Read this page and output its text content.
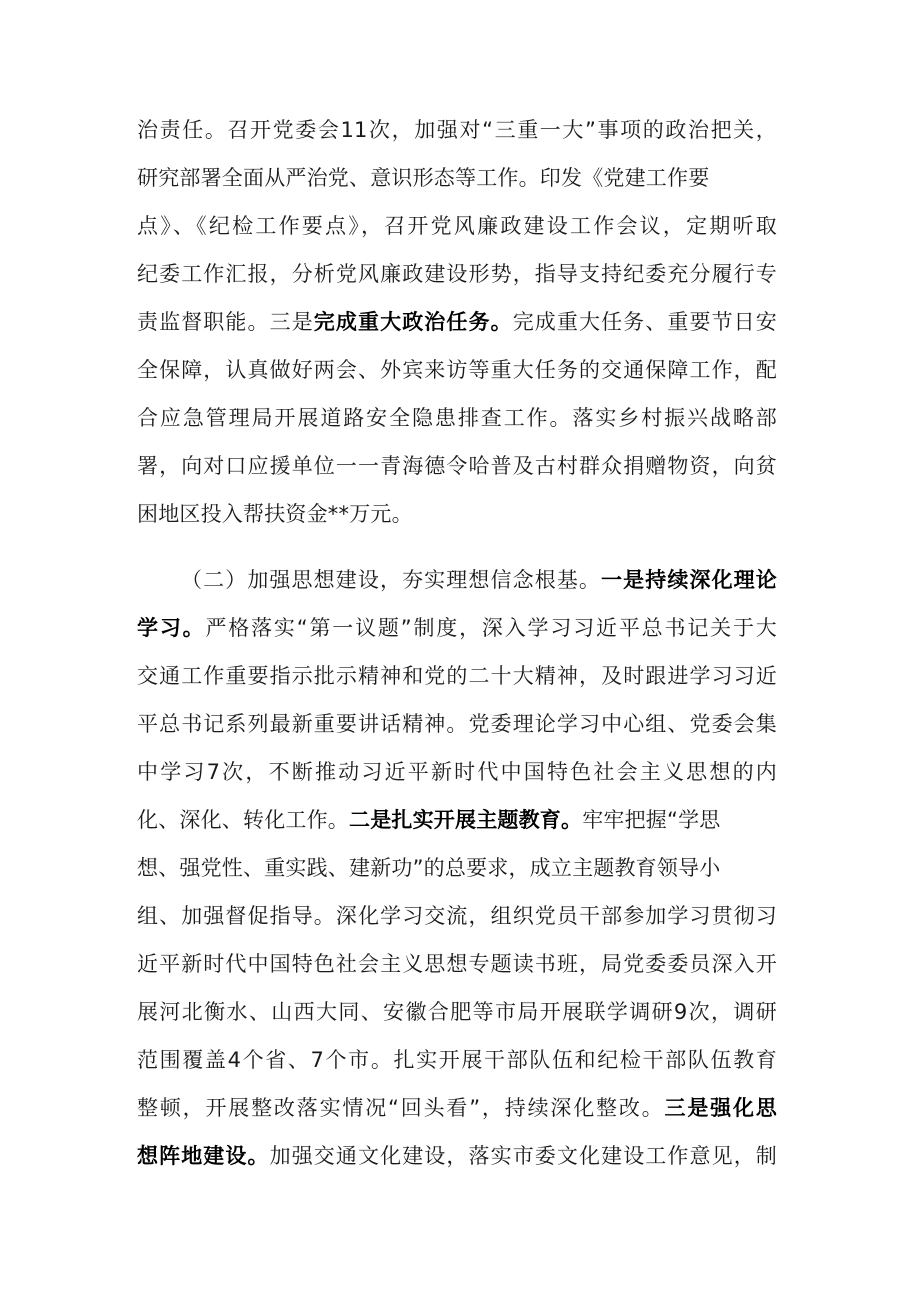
治责任。召开党委会11次，加强对“三重一大”事项的政治把关，
研究部署全面从严治党、意识形态等工作。印发《党建工作要
点》、《纪检工作要点》，召开党风廉政建设工作会议，定期听取
纪委工作汇报，分析党风廉政建设形势，指导支持纪委充分履行专
责监督职能。三是完成重大政治任务。完成重大任务、重要节日安
全保障，认真做好两会、外宾来访等重大任务的交通保障工作，配
合应急管理局开展道路安全隐患排查工作。落实乡村振兴战略部
署，向对口应援单位一一青海德令哈普及古村群众捐赠物资，向贫
困地区投入帮扶资金**万元。
（二）加强思想建设，夯实理想信念根基。一是持续深化理论
学习。严格落实“第一议题”制度，深入学习习近平总书记关于大
交通工作重要指示批示精神和党的二十大精神，及时跟进学习习近
平总书记系列最新重要讲话精神。党委理论学习中心组、党委会集
中学习7次，不断推动习近平新时代中国特色社会主义思想的内
化、深化、转化工作。二是扎实开展主题教育。牢牢把握“学思
想、强党性、重实践、建新功”的总要求，成立主题教育领导小
组、加强督促指导。深化学习交流，组织党员干部参加学习贯彻习
近平新时代中国特色社会主义思想专题读书班，局党委委员深入开
展河北衡水、山西大同、安徽合肥等市局开展联学调研9次，调研
范围覆盖4个省、7个市。扎实开展干部队伍和纪检干部队伍教育
整顿，开展整改落实情况“回头看”，持续深化整改。三是强化思
想阵地建设。加强交通文化建设，落实市委文化建设工作意见，制
